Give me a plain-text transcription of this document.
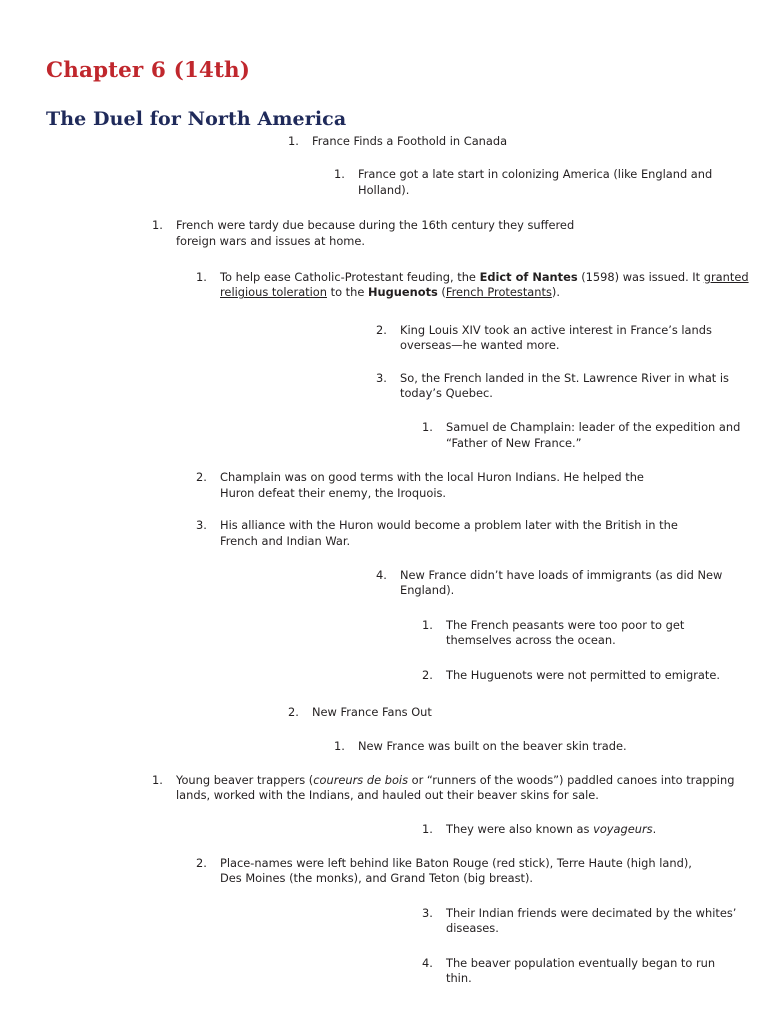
Chapter 6 (14th)
The Duel for North America
1.	France Finds a Foothold in Canada
1.	France got a late start in colonizing America (like England and Holland).
1.	French were tardy due because during the 16th century they suffered foreign wars and issues at home.
1.	To help ease Catholic-Protestant feuding, the Edict of Nantes (1598) was issued. It granted religious toleration to the Huguenots (French Protestants).
2.	King Louis XIV took an active interest in France’s lands overseas—he wanted more.
3.	So, the French landed in the St. Lawrence River in what is today’s Quebec.
1.	Samuel de Champlain: leader of the expedition and “Father of New France.”
2.	Champlain was on good terms with the local Huron Indians. He helped the Huron defeat their enemy, the Iroquois.
3.	His alliance with the Huron would become a problem later with the British in the French and Indian War.
4.	New France didn’t have loads of immigrants (as did New England).
1.	The French peasants were too poor to get themselves across the ocean.
2.	The Huguenots were not permitted to emigrate.
2.	New France Fans Out
1.	New France was built on the beaver skin trade.
1.	Young beaver trappers (coureurs de bois or “runners of the woods”) paddled canoes into trapping lands, worked with the Indians, and hauled out their beaver skins for sale.
1.	They were also known as voyageurs.
2.	Place-names were left behind like Baton Rouge (red stick), Terre Haute (high land), Des Moines (the monks), and Grand Teton (big breast).
3.	Their Indian friends were decimated by the whites’ diseases.
4.	The beaver population eventually began to run thin.
